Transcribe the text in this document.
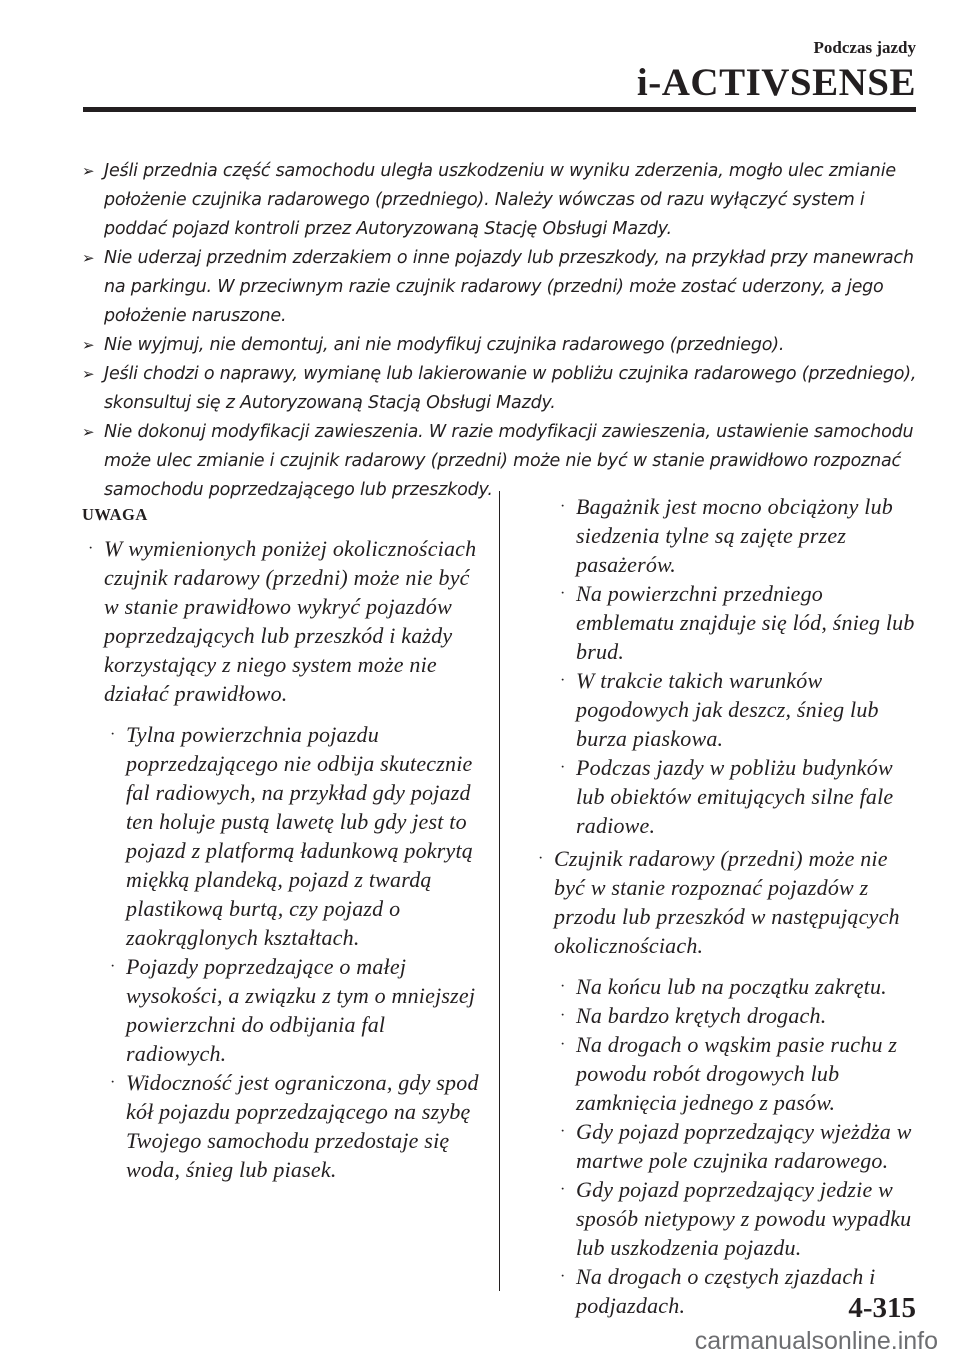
Podczas jazdy
i-ACTIVSENSE
➢ Jeśli przednia część samochodu uległa uszkodzeniu w wyniku zderzenia, mogło ulec zmianie położenie czujnika radarowego (przedniego). Należy wówczas od razu wyłączyć system i poddać pojazd kontroli przez Autoryzowaną Stację Obsługi Mazdy.
➢ Nie uderzaj przednim zderzakiem o inne pojazdy lub przeszkody, na przykład przy manewrach na parkingu. W przeciwnym razie czujnik radarowy (przedni) może zostać uderzony, a jego położenie naruszone.
➢ Nie wyjmuj, nie demontuj, ani nie modyfikuj czujnika radarowego (przedniego).
➢ Jeśli chodzi o naprawy, wymianę lub lakierowanie w pobliżu czujnika radarowego (przedniego), skonsultuj się z Autoryzowaną Stacją Obsługi Mazdy.
➢ Nie dokonuj modyfikacji zawieszenia. W razie modyfikacji zawieszenia, ustawienie samochodu może ulec zmianie i czujnik radarowy (przedni) może nie być w stanie prawidłowo rozpoznać samochodu poprzedzającego lub przeszkody.
UWAGA
· W wymienionych poniżej okolicznościach czujnik radarowy (przedni) może nie być w stanie prawidłowo wykryć pojazdów poprzedzających lub przeszkód i każdy korzystający z niego system może nie działać prawidłowo.
· Tylna powierzchnia pojazdu poprzedzającego nie odbija skutecznie fal radiowych, na przykład gdy pojazd ten holuje pustą lawetę lub gdy jest to pojazd z platformą ładunkową pokrytą miękką plandeką, pojazd z twardą plastikową burtą, czy pojazd o zaokrąglonych kształtach.
· Pojazdy poprzedzające o małej wysokości, a związku z tym o mniejszej powierzchni do odbijania fal radiowych.
· Widoczność jest ograniczona, gdy spod kół pojazdu poprzedzającego na szybę Twojego samochodu przedostaje się woda, śnieg lub piasek.
· Bagażnik jest mocno obciążony lub siedzenia tylne są zajęte przez pasażerów.
· Na powierzchni przedniego emblematu znajduje się lód, śnieg lub brud.
· W trakcie takich warunków pogodowych jak deszcz, śnieg lub burza piaskowa.
· Podczas jazdy w pobliżu budynków lub obiektów emitujących silne fale radiowe.
· Czujnik radarowy (przedni) może nie być w stanie rozpoznać pojazdów z przodu lub przeszkód w następujących okolicznościach.
· Na końcu lub na początku zakrętu.
· Na bardzo krętych drogach.
· Na drogach o wąskim pasie ruchu z powodu robót drogowych lub zamknięcia jednego z pasów.
· Gdy pojazd poprzedzający wjeżdża w martwe pole czujnika radarowego.
· Gdy pojazd poprzedzający jedzie w sposób nietypowy z powodu wypadku lub uszkodzenia pojazdu.
· Na drogach o częstych zjazdach i podjazdach.	4-315
carmanualsonline.info
